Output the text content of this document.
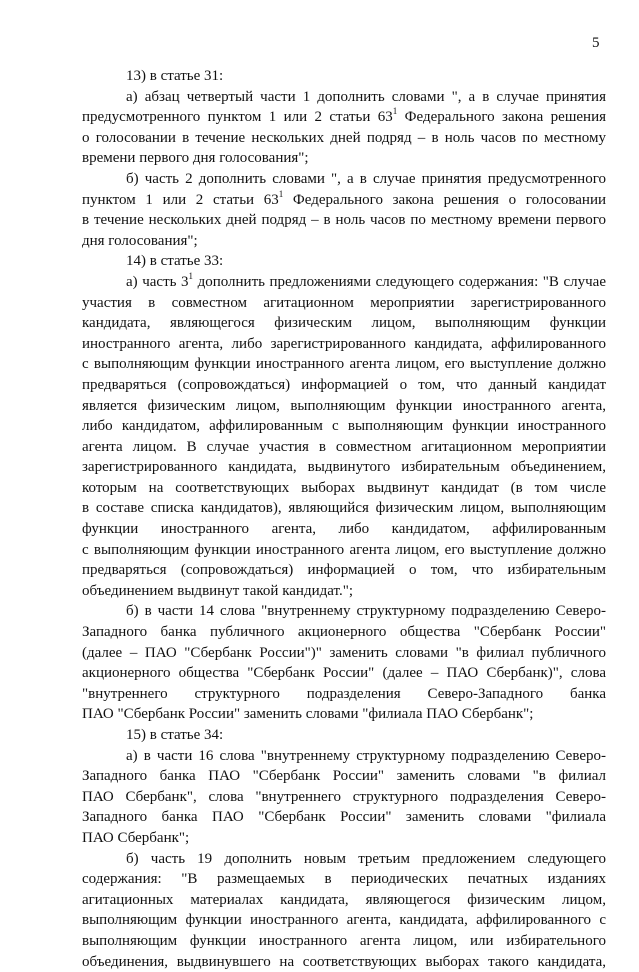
5
13) в статье 31:
а) абзац четвертый части 1 дополнить словами ", а в случае принятия
предусмотренного пунктом 1 или 2 статьи $63^1$ Федерального закона решения
о голосовании в течение нескольких дней подряд – в ноль часов по местному
времени первого дня голосования";
б) часть 2 дополнить словами ", а в случае принятия предусмотренного
пунктом 1 или 2 статьи $63^1$ Федерального закона решения о голосовании
в течение нескольких дней подряд – в ноль часов по местному времени первого
дня голосования";
14) в статье 33:
а) часть $3^1$ дополнить предложениями следующего содержания: "В случае
участия в совместном агитационном мероприятии зарегистрированного
кандидата, являющегося физическим лицом, выполняющим функции
иностранного агента, либо зарегистрированного кандидата, аффилированного
с выполняющим функции иностранного агента лицом, его выступление должно
предваряться (сопровождаться) информацией о том, что данный кандидат
является физическим лицом, выполняющим функции иностранного агента,
либо кандидатом, аффилированным с выполняющим функции иностранного
агента лицом. В случае участия в совместном агитационном мероприятии
зарегистрированного кандидата, выдвинутого избирательным объединением,
которым на соответствующих выборах выдвинут кандидат (в том числе
в составе списка кандидатов), являющийся физическим лицом, выполняющим
функции иностранного агента, либо кандидатом, аффилированным
с выполняющим функции иностранного агента лицом, его выступление должно
предваряться (сопровождаться) информацией о том, что избирательным
объединением выдвинут такой кандидат.";
б) в части 14 слова "внутреннему структурному подразделению Северо-
Западного банка публичного акционерного общества "Сбербанк России"
(далее – ПАО "Сбербанк России")" заменить словами "в филиал публичного
акционерного общества "Сбербанк России" (далее – ПАО Сбербанк)", слова
"внутреннего структурного подразделения Северо-Западного банка
ПАО "Сбербанк России" заменить словами "филиала ПАО Сбербанк";
15) в статье 34:
а) в части 16 слова "внутреннему структурному подразделению Северо-
Западного банка ПАО "Сбербанк России" заменить словами "в филиал
ПАО Сбербанк", слова "внутреннего структурного подразделения Северо-
Западного банка ПАО "Сбербанк России" заменить словами "филиала
ПАО Сбербанк";
б) часть 19 дополнить новым третьим предложением следующего
содержания: "В размещаемых в периодических печатных изданиях
агитационных материалах кандидата, являющегося физическим лицом,
выполняющим функции иностранного агента, кандидата, аффилированного с
выполняющим функции иностранного агента лицом, или избирательного
объединения, выдвинувшего на соответствующих выборах такого кандидата,
